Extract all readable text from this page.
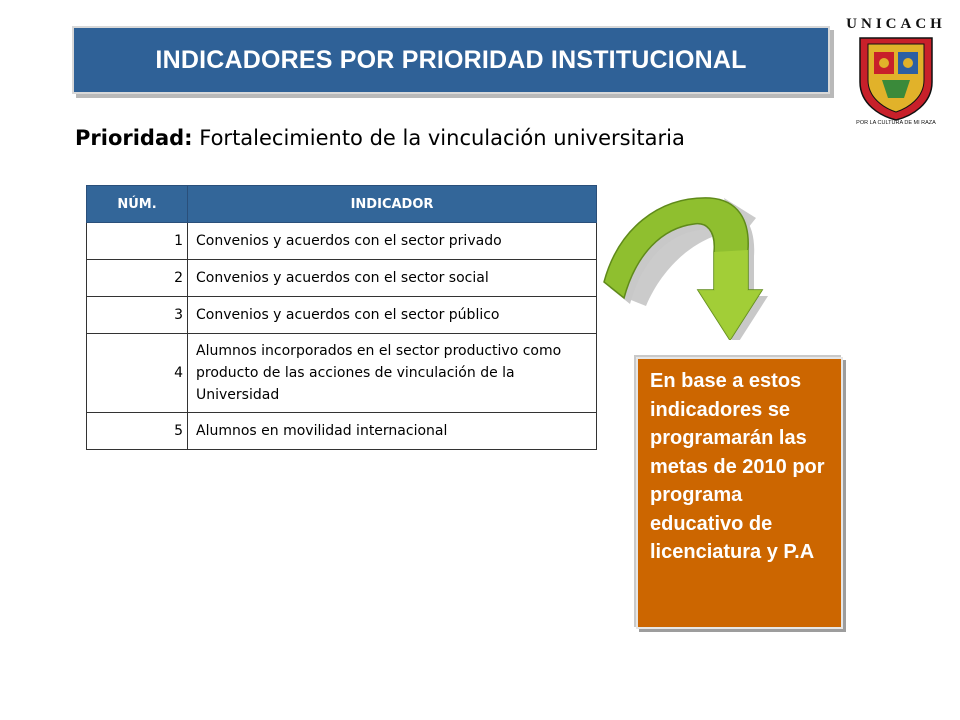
INDICADORES POR PRIORIDAD INSTITUCIONAL
Prioridad: Fortalecimiento de la vinculación universitaria
NÚM.	INDICADOR
1	Convenios y acuerdos con el sector privado
2	Convenios y acuerdos con el sector social
3	Convenios y acuerdos con el sector público
4	Alumnos incorporados en el sector productivo como producto de las acciones de vinculación de la Universidad
5	Alumnos en movilidad internacional
En base a estos indicadores se programarán las metas de 2010 por programa educativo de licenciatura y P.A
UNICACH
POR LA CULTURA DE MI RAZA
